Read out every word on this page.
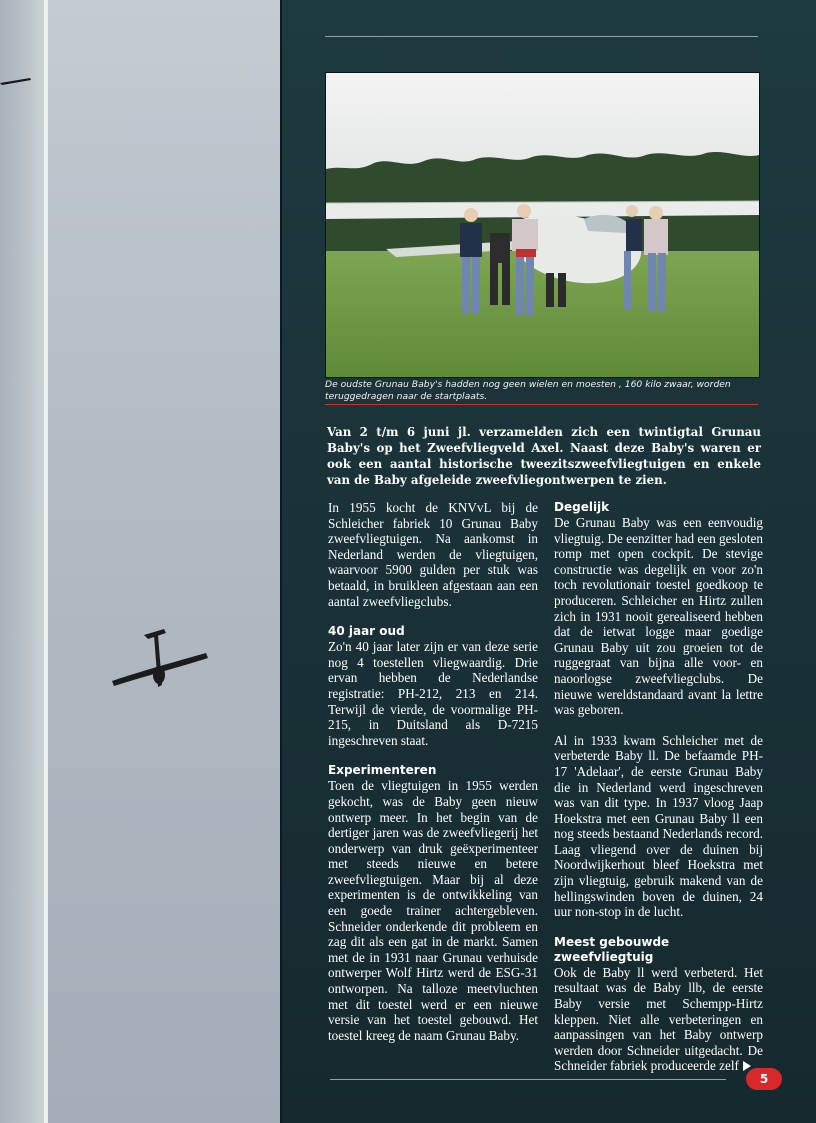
De oudste Grunau Baby's hadden nog geen wielen en moesten , 160 kilo zwaar, worden teruggedragen naar de startplaats.
Van 2 t/m 6 juni jl. verzamelden zich een twintigtal Grunau Baby's op het Zweefvliegveld Axel. Naast deze Baby's waren er ook een aantal historische tweezitszweefvliegtuigen en enkele van de Baby afgeleide zweefvliegontwerpen te zien.

In 1955 kocht de KNVvL bij de Schleicher fabriek 10 Grunau Baby zweefvliegtuigen. Na aankomst in Nederland werden de vliegtuigen, waarvoor 5900 gulden per stuk was betaald, in bruikleen afgestaan aan een aantal zweefvliegclubs.

40 jaar oud

Zo'n 40 jaar later zijn er van deze serie nog 4 toestellen vliegwaardig. Drie ervan hebben de Nederlandse registratie: PH-212, 213 en 214. Terwijl de vierde, de voormalige PH-215, in Duitsland als D-7215 ingeschreven staat.

Experimenteren

Toen de vliegtuigen in 1955 werden gekocht, was de Baby geen nieuw ontwerp meer. In het begin van de dertiger jaren was de zweefvliegerij het onderwerp van druk geëxperimenteer met steeds nieuwe en betere zweefvliegtuigen. Maar bij al deze experimenten is de ontwikkeling van een goede trainer achtergebleven. Schneider onderkende dit probleem en zag dit als een gat in de markt. Samen met de in 1931 naar Grunau verhuisde ontwerper Wolf Hirtz werd de ESG-31 ontworpen. Na talloze meetvluchten met dit toestel werd er een nieuwe versie van het toestel gebouwd. Het toestel kreeg de naam Grunau Baby.

Degelijk

De Grunau Baby was een eenvoudig vliegtuig. De eenzitter had een gesloten romp met open cockpit. De stevige constructie was degelijk en voor zo'n toch revolutionair toestel goedkoop te produceren. Schleicher en Hirtz zullen zich in 1931 nooit gerealiseerd hebben dat de ietwat logge maar goedige Grunau Baby uit zou groeien tot de ruggegraat van bijna alle voor- en naoorlogse zweefvliegclubs. De nieuwe wereldstandaard avant la lettre was geboren.

Al in 1933 kwam Schleicher met de verbeterde Baby ll. De befaamde PH-17 'Adelaar', de eerste Grunau Baby die in Nederland werd ingeschreven was van dit type. In 1937 vloog Jaap Hoekstra met een Grunau Baby ll een nog steeds bestaand Nederlands record. Laag vliegend over de duinen bij Noordwijkerhout bleef Hoekstra met zijn vliegtuig, gebruik makend van de hellingswinden boven de duinen, 24 uur non-stop in de lucht.

Meest gebouwde zweefvliegtuig

Ook de Baby ll werd verbeterd. Het resultaat was de Baby llb, de eerste Baby versie met Schempp-Hirtz kleppen. Niet alle verbeteringen en aanpassingen van het Baby ontwerp werden door Schneider uitgedacht. De Schneider fabriek produceerde zelf

5
